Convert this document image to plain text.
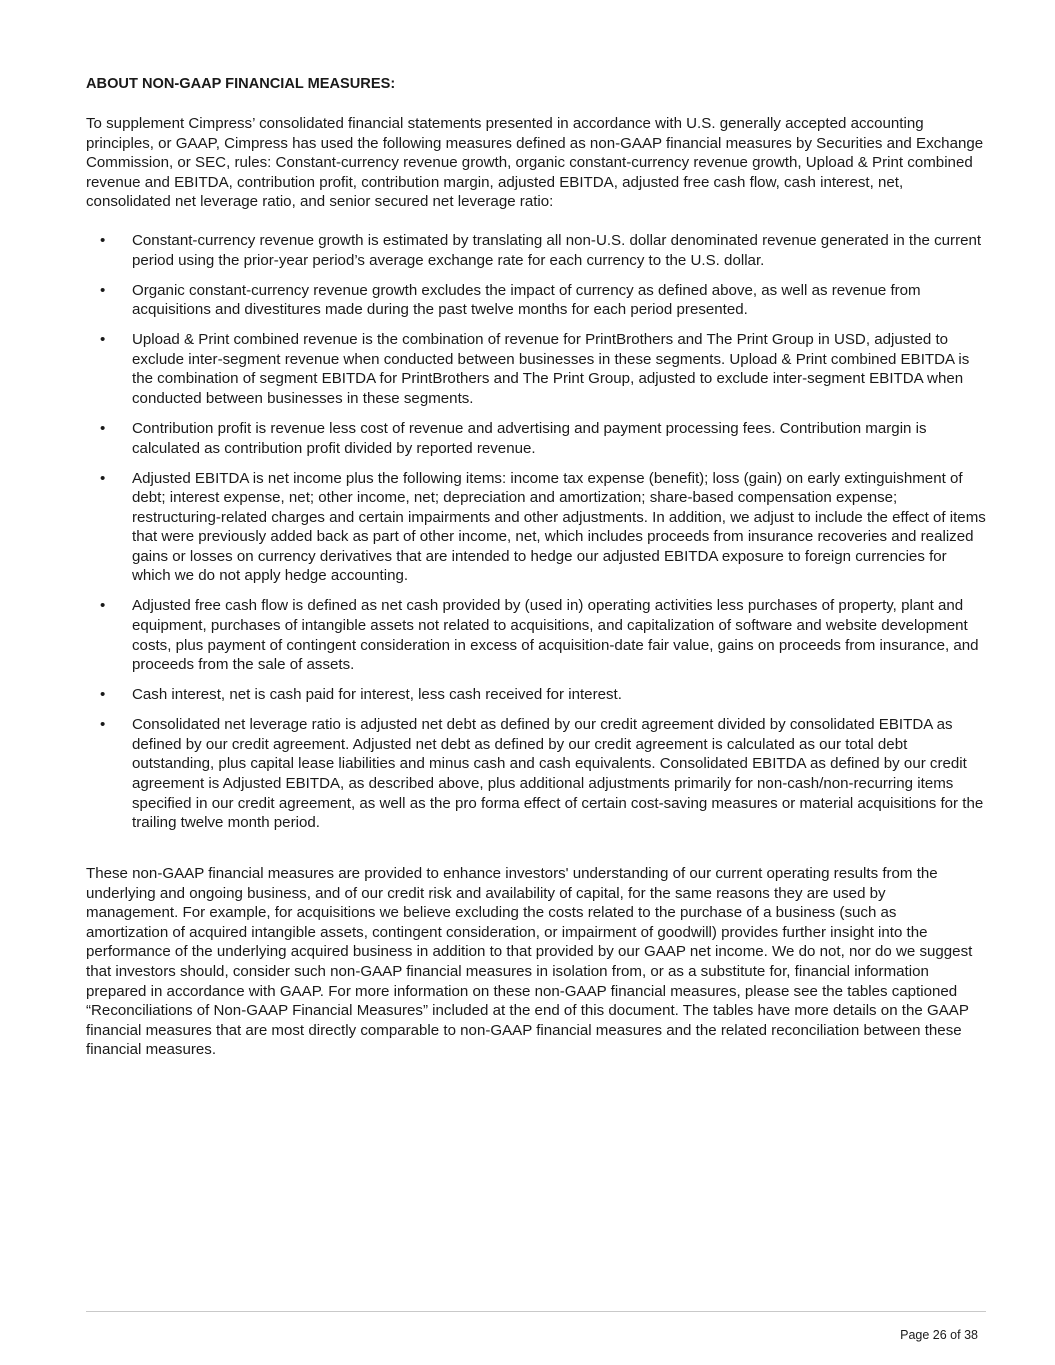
ABOUT NON-GAAP FINANCIAL MEASURES:

To supplement Cimpress’ consolidated financial statements presented in accordance with U.S. generally accepted accounting principles, or GAAP, Cimpress has used the following measures defined as non-GAAP financial measures by Securities and Exchange Commission, or SEC, rules: Constant-currency revenue growth, organic constant-currency revenue growth, Upload & Print combined revenue and EBITDA, contribution profit, contribution margin, adjusted EBITDA, adjusted free cash flow, cash interest, net, consolidated net leverage ratio, and senior secured net leverage ratio:

• Constant-currency revenue growth is estimated by translating all non-U.S. dollar denominated revenue generated in the current period using the prior-year period’s average exchange rate for each currency to the U.S. dollar.
• Organic constant-currency revenue growth excludes the impact of currency as defined above, as well as revenue from acquisitions and divestitures made during the past twelve months for each period presented.
• Upload & Print combined revenue is the combination of revenue for PrintBrothers and The Print Group in USD, adjusted to exclude inter-segment revenue when conducted between businesses in these segments. Upload & Print combined EBITDA is the combination of segment EBITDA for PrintBrothers and The Print Group, adjusted to exclude inter-segment EBITDA when conducted between businesses in these segments.
• Contribution profit is revenue less cost of revenue and advertising and payment processing fees. Contribution margin is calculated as contribution profit divided by reported revenue.
• Adjusted EBITDA is net income plus the following items: income tax expense (benefit); loss (gain) on early extinguishment of debt; interest expense, net; other income, net; depreciation and amortization; share-based compensation expense; restructuring-related charges and certain impairments and other adjustments. In addition, we adjust to include the effect of items that were previously added back as part of other income, net, which includes proceeds from insurance recoveries and realized gains or losses on currency derivatives that are intended to hedge our adjusted EBITDA exposure to foreign currencies for which we do not apply hedge accounting.
• Adjusted free cash flow is defined as net cash provided by (used in) operating activities less purchases of property, plant and equipment, purchases of intangible assets not related to acquisitions, and capitalization of software and website development costs, plus payment of contingent consideration in excess of acquisition-date fair value, gains on proceeds from insurance, and proceeds from the sale of assets.
• Cash interest, net is cash paid for interest, less cash received for interest.
• Consolidated net leverage ratio is adjusted net debt as defined by our credit agreement divided by consolidated EBITDA as defined by our credit agreement. Adjusted net debt as defined by our credit agreement is calculated as our total debt outstanding, plus capital lease liabilities and minus cash and cash equivalents. Consolidated EBITDA as defined by our credit agreement is Adjusted EBITDA, as described above, plus additional adjustments primarily for non-cash/non-recurring items specified in our credit agreement, as well as the pro forma effect of certain cost-saving measures or material acquisitions for the trailing twelve month period.

These non-GAAP financial measures are provided to enhance investors' understanding of our current operating results from the underlying and ongoing business, and of our credit risk and availability of capital, for the same reasons they are used by management. For example, for acquisitions we believe excluding the costs related to the purchase of a business (such as amortization of acquired intangible assets, contingent consideration, or impairment of goodwill) provides further insight into the performance of the underlying acquired business in addition to that provided by our GAAP net income. We do not, nor do we suggest that investors should, consider such non-GAAP financial measures in isolation from, or as a substitute for, financial information prepared in accordance with GAAP. For more information on these non-GAAP financial measures, please see the tables captioned “Reconciliations of Non-GAAP Financial Measures” included at the end of this document. The tables have more details on the GAAP financial measures that are most directly comparable to non-GAAP financial measures and the related reconciliation between these financial measures.

Page 26 of 38
